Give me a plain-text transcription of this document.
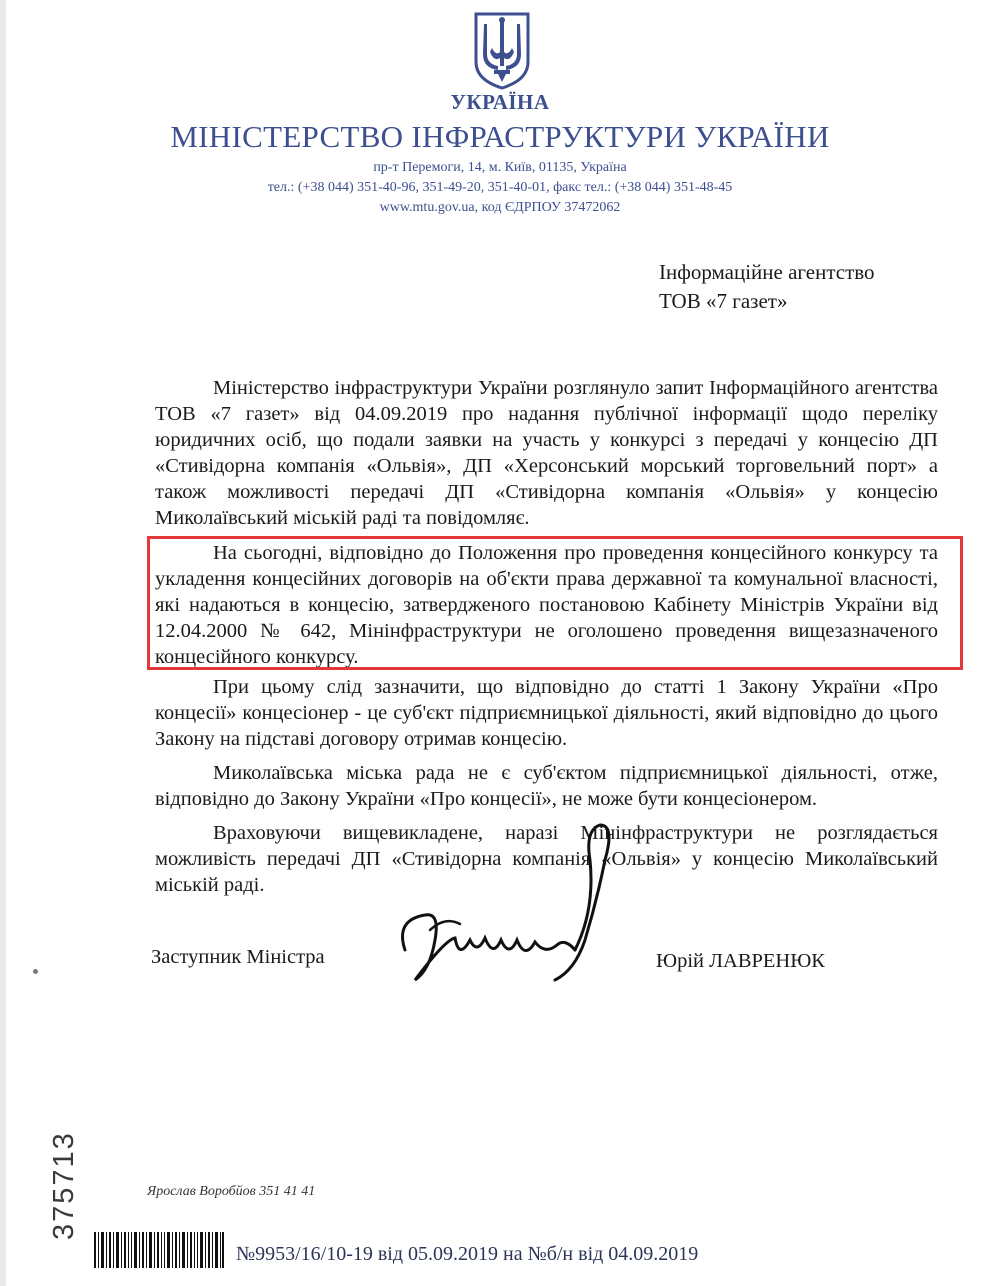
УКРАЇНА
МІНІСТЕРСТВО ІНФРАСТРУКТУРИ УКРАЇНИ
пр-т Перемоги, 14, м. Київ, 01135, Україна
тел.: (+38 044) 351-40-96, 351-49-20, 351-40-01, факс тел.: (+38 044) 351-48-45
www.mtu.gov.ua, код ЄДРПОУ 37472062
Інформаційне агентство
ТОВ «7 газет»

Міністерство інфраструктури України розглянуло запит Інформаційного агентства ТОВ «7 газет» від 04.09.2019 про надання публічної інформації щодо переліку юридичних осіб, що подали заявки на участь у конкурсі з передачі у концесію ДП «Стивідорна компанія «Ольвія», ДП «Херсонський морський торговельний порт» а також можливості передачі ДП «Стивідорна компанія «Ольвія» у концесію Миколаївський міській раді та повідомляє.

На сьогодні, відповідно до Положення про проведення концесійного конкурсу та укладення концесійних договорів на об'єкти права державної та комунальної власності, які надаються в концесію, затвердженого постановою Кабінету Міністрів України від 12.04.2000 № 642, Мінінфраструктури не оголошено проведення вищезазначеного концесійного конкурсу.

При цьому слід зазначити, що відповідно до статті 1 Закону України «Про концесії» концесіонер - це суб'єкт підприємницької діяльності, який відповідно до цього Закону на підставі договору отримав концесію.

Миколаївська міська рада не є суб'єктом підприємницької діяльності, отже, відповідно до Закону України «Про концесії», не може бути концесіонером.

Враховуючи вищевикладене, наразі Мінінфраструктури не розглядається можливість передачі ДП «Стивідорна компанія «Ольвія» у концесію Миколаївський міській раді.

Заступник Міністра	Юрій ЛАВРЕНЮК
375713	Ярослав Воробйов 351 41 41
№9953/16/10-19 від 05.09.2019 на №б/н від 04.09.2019
